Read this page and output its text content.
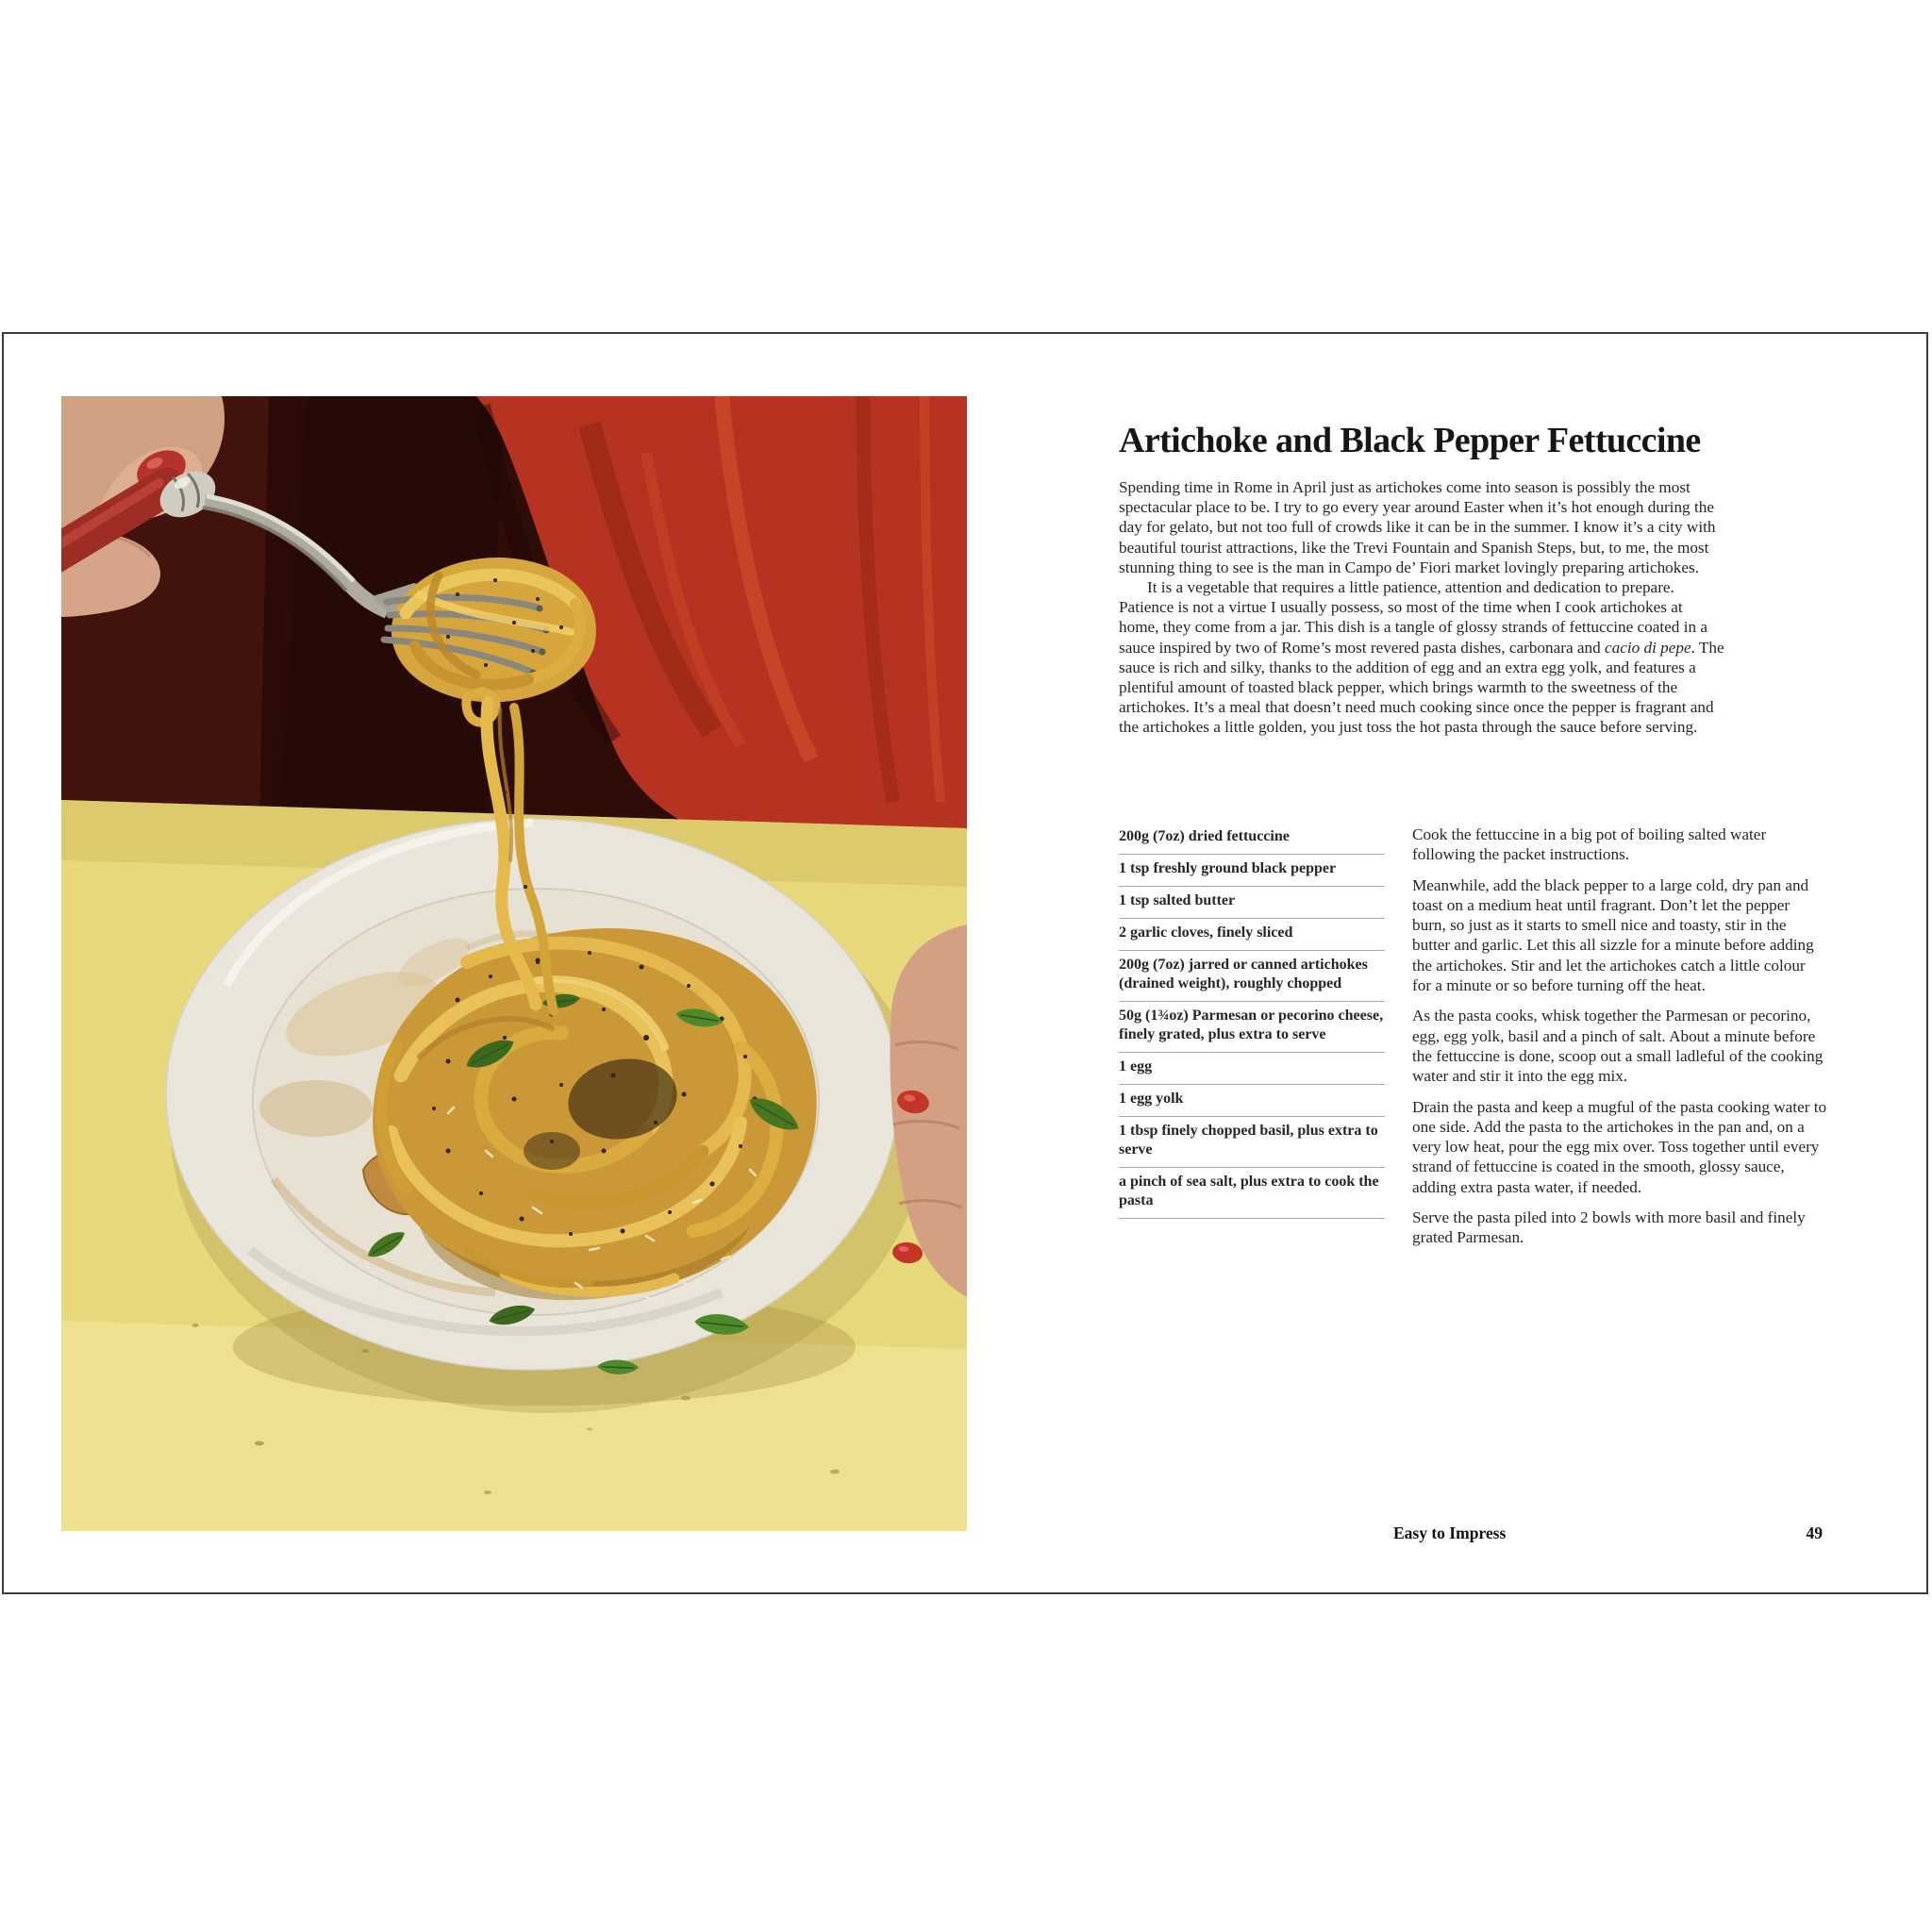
Artichoke and Black Pepper Fettuccine

Spending time in Rome in April just as artichokes come into season is possibly the most spectacular place to be. I try to go every year around Easter when it’s hot enough during the day for gelato, but not too full of crowds like it can be in the summer. I know it’s a city with beautiful tourist attractions, like the Trevi Fountain and Spanish Steps, but, to me, the most stunning thing to see is the man in Campo de’ Fiori market lovingly preparing artichokes.

It is a vegetable that requires a little patience, attention and dedication to prepare. Patience is not a virtue I usually possess, so most of the time when I cook artichokes at home, they come from a jar. This dish is a tangle of glossy strands of fettuccine coated in a sauce inspired by two of Rome’s most revered pasta dishes, carbonara and cacio di pepe. The sauce is rich and silky, thanks to the addition of egg and an extra egg yolk, and features a plentiful amount of toasted black pepper, which brings warmth to the sweetness of the artichokes. It’s a meal that doesn’t need much cooking since once the pepper is fragrant and the artichokes a little golden, you just toss the hot pasta through the sauce before serving.

200g (7oz) dried fettuccine
1 tsp freshly ground black pepper
1 tsp salted butter
2 garlic cloves, finely sliced
200g (7oz) jarred or canned artichokes (drained weight), roughly chopped
50g (1¾oz) Parmesan or pecorino cheese, finely grated, plus extra to serve
1 egg
1 egg yolk
1 tbsp finely chopped basil, plus extra to serve
a pinch of sea salt, plus extra to cook the pasta

Cook the fettuccine in a big pot of boiling salted water following the packet instructions.

Meanwhile, add the black pepper to a large cold, dry pan and toast on a medium heat until fragrant. Don’t let the pepper burn, so just as it starts to smell nice and toasty, stir in the butter and garlic. Let this all sizzle for a minute before adding the artichokes. Stir and let the artichokes catch a little colour for a minute or so before turning off the heat.

As the pasta cooks, whisk together the Parmesan or pecorino, egg, egg yolk, basil and a pinch of salt. About a minute before the fettuccine is done, scoop out a small ladleful of the cooking water and stir it into the egg mix.

Drain the pasta and keep a mugful of the pasta cooking water to one side. Add the pasta to the artichokes in the pan and, on a very low heat, pour the egg mix over. Toss together until every strand of fettuccine is coated in the smooth, glossy sauce, adding extra pasta water, if needed.

Serve the pasta piled into 2 bowls with more basil and finely grated Parmesan.

Easy to Impress	49
